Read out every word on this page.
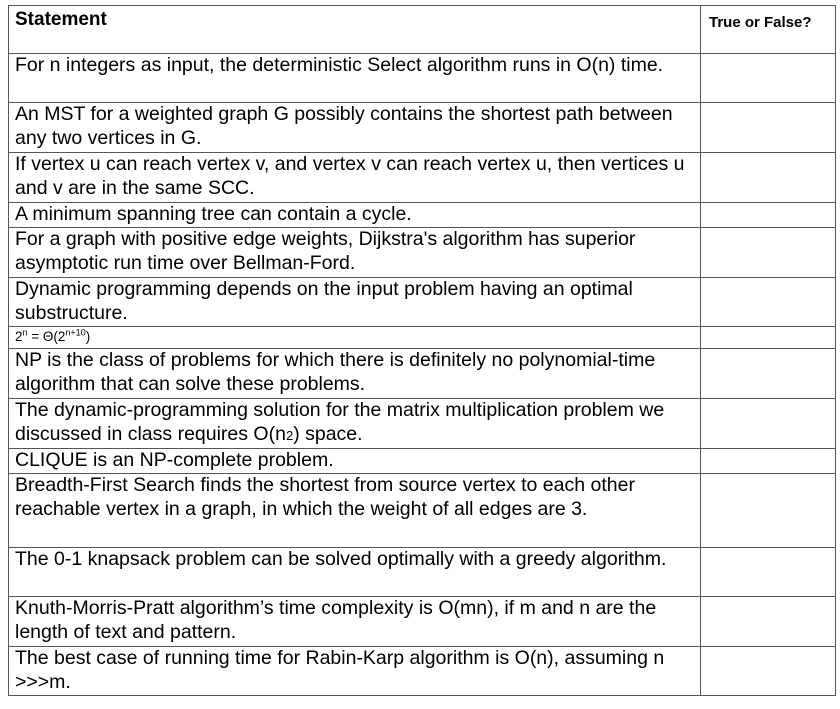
Statement	True or False?
For n integers as input, the deterministic Select algorithm runs in O(n) time.	
An MST for a weighted graph G possibly contains the shortest path between any two vertices in G.	
If vertex u can reach vertex v, and vertex v can reach vertex u, then vertices u and v are in the same SCC.	
A minimum spanning tree can contain a cycle.	
For a graph with positive edge weights, Dijkstra's algorithm has superior asymptotic run time over Bellman-Ford.	
Dynamic programming depends on the input problem having an optimal substructure.	
$2^n = \Theta(2^{n+10})$	
NP is the class of problems for which there is definitely no polynomial-time algorithm that can solve these problems.	
The dynamic-programming solution for the matrix multiplication problem we discussed in class requires O(n2) space.	
CLIQUE is an NP-complete problem.	
Breadth-First Search finds the shortest from source vertex to each other reachable vertex in a graph, in which the weight of all edges are 3.	
The 0-1 knapsack problem can be solved optimally with a greedy algorithm.	
Knuth-Morris-Pratt algorithm’s time complexity is O(mn), if m and n are the length of text and pattern.	
The best case of running time for Rabin-Karp algorithm is O(n), assuming n >>>m.	
